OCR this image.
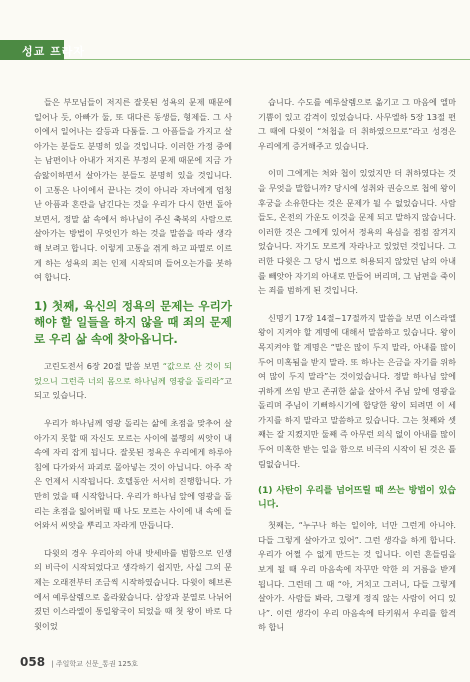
성교 프라자

들은 부모님들이 저지른 잘못된 성욕의 문제 때문에 일어나 듯, 아빠가 둘, 또 대다른 동생들, 형제들. 그 사이에서 일어나는 갈등과 다툼들. 그 아픔들을 가지고 살아가는 분들도 분명히 있을 것입니다. 이러한 가정 중에는 남편이나 아내가 저지른 부정의 문제 때문에 지금 가슴앓이하면서 살아가는 분들도 분명히 있을 것입니다. 이 고통은 나이에서 끝나는 것이 아니라 자녀에게 엄청난 아픔과 혼란을 남긴다는 것을 우리가 다시 한번 돌아보면서, 정말 삶 속에서 하나님이 주신 축복의 사람으로 살아가는 방법이 무엇인가 하는 것을 말씀을 따라 생각해 보려고 합니다. 이렇게 고통을 겪게 하고 파멸로 이르게 하는 성욕의 죄는 인제 시작되며 들어오는가를 봇하여 합니다.

1) 첫째, 육신의 정욕의 문제는 우리가 해야 할 일들을 하지 않을 때 죄의 문제로 우리 삶 속에 찾아옵니다.

고린도전서 6장 20절 말씀 보면 “값으로 산 것이 되었으니 그런즉 너의 몸으로 하나님께 영광을 돌리라”고 되고 있습니다.

우리가 하나님께 영광 돌리는 삶에 초점을 맞추어 살아가지 못할 때 자신도 모르는 사이에 불행의 씨앗이 내 속에 자리 잡게 됩니다. 잘못된 정욕은 우리에게 하루아침에 다가와서 파괴로 몰아넣는 것이 아닙니다. 아주 작은 언제서 시작됩니다. 호텔동안 서서히 진행합니다. 가만히 었을 때 시작합니다. 우리가 하나님 앞에 영광을 돌리는 초점을 잃어버릴 때 나도 모르는 사이에 내 속에 들어와서 씨앗을 뿌리고 자라게 만듭니다.

다윗의 경우 우리아의 아내 밧세바를 범함으로 인생의 비극이 시작되었다고 생각하기 쉽지만, 사실 그의 문제는 오래전부터 조금씩 시작하였습니다. 다윗이 헤브론에서 예루살렘으로 올라왔습니다. 삼장과 분열로 나뉘어졌던 이스라엘이 통일왕국이 되었을 때 첫 왕이 바로 다윗이었

습니다. 수도를 예루살렘으로 옮기고 그 마음에 엘마기쁨이 있고 감격이 있었습니다. 사무엘하 5장 13절 편 그 때에 다윗이 “처첩을 더 취하였으므로”라고 성경은 우리에게 증거해주고 있습니다.

이미 그에게는 처와 첩이 있었지만 더 취하였다는 것을 무엇을 말합니까? 당시에 성취와 권승으로 첩에 왕이 후궁을 소유한다는 것은 문제가 될 수 없었습니다. 사람들도, 온전의 가운도 이것을 문제 되고 말하지 않습니다. 이러한 것은 그에게 있어서 정욕의 욕심을 점점 잠겨지었습니다. 자기도 모르게 자라나고 있었던 것입니다. 그러한 다윗은 그 당시 법으로 허용되지 않았던 남의 아내를 빼앗아 자기의 아내로 만들어 버리며, 그 남편을 죽이는 죄를 범하게 된 것입니다.

신명기 17장 14절~17절까지 말씀을 보면 이스라엘 왕이 지켜야 할 계명에 대해서 말씀하고 있습니다. 왕이 목지켜야 할 계명은 “말은 많이 두지 말라, 아내를 많이 두어 미혹됨을 받지 말라. 또 하나는 은금을 자기를 위하여 많이 두지 말라”는 것이었습니다. 정말 하나님 앞에 귀하게 쓰임 받고 존귀한 삶을 살아서 주님 앞에 영광을 돌리며 주님이 기뻐하시기에 합당한 왕이 되려면 이 세 가지를 하지 말라고 말씀하고 있습니다. 그는 첫째와 셋째는 잘 지켰지만 둘째 즉 아무런 의식 없이 아내를 많이 두어 미혹한 받는 일을 함으로 비극의 시작이 된 것은 틀림없습니다.

(1) 사탄이 우리를 넘어뜨릴 때 쓰는 방법이 있습니다.

첫째는, “누구나 하는 일이야, 너만 그런게 아니야. 다들 그렇게 살아가고 있어”. 그런 생각을 하게 합니다. 우리가 어쩔 수 없게 만드는 것 입니다. 이런 흔들림을 보게 될 때 우리 마음속에 자꾸만 악한 의 거름을 받게 됩니다. 그런데 그 때 “아, 거치고 그러니, 다들 그렇게 살아가. 사람들 봐라, 그렇게 정직 않는 사람이 어디 있나”. 이런 생각이 우리 마음속에 타키워서 우리를 합격하 합니

058 | 주일학교 신문_통권 125호
